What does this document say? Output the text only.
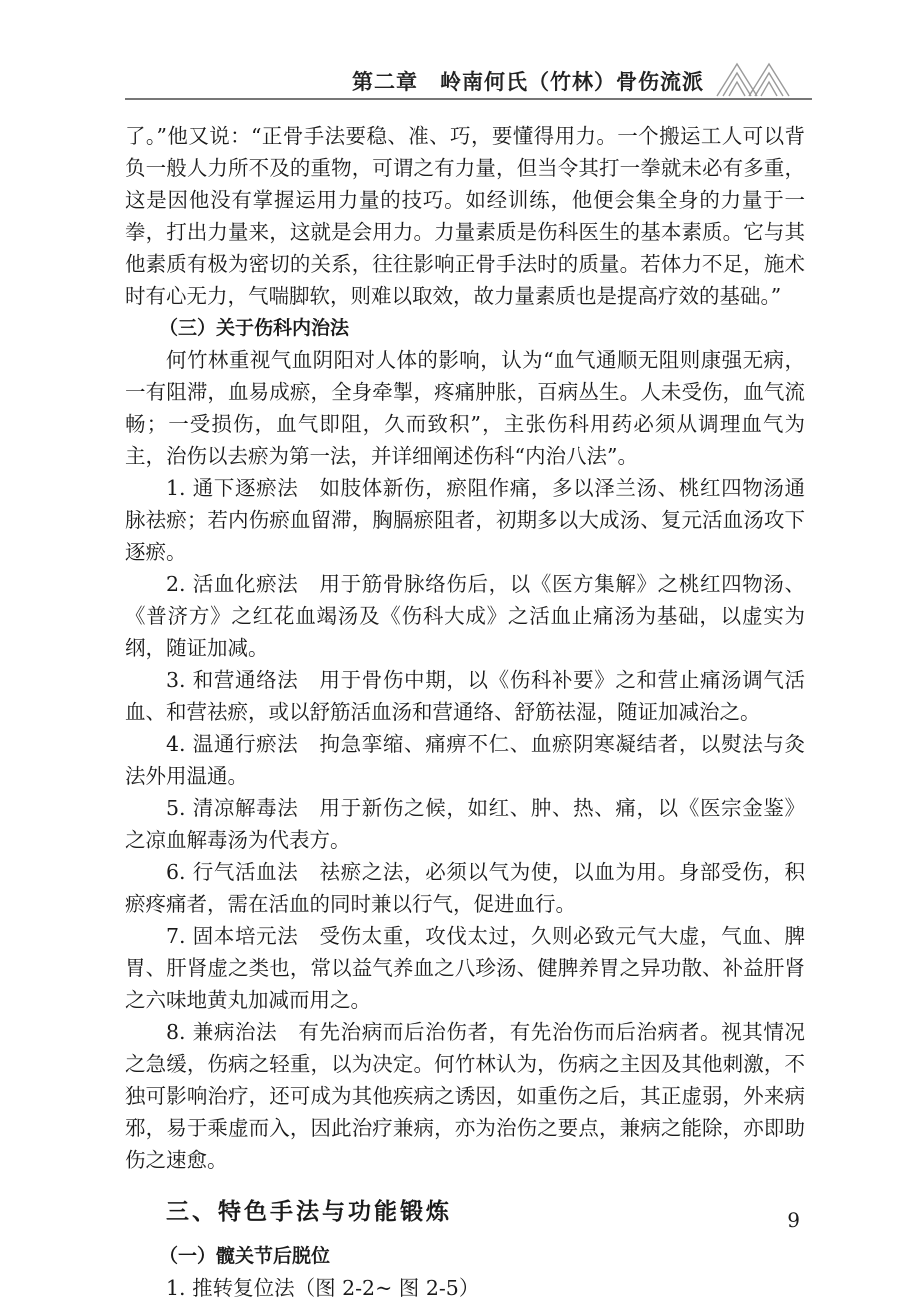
第二章　岭南何氏（竹林）骨伤流派

了。”他又说：“正骨手法要稳、准、巧，要懂得用力。一个搬运工人可以背负一般人力所不及的重物，可谓之有力量，但当令其打一拳就未必有多重，这是因他没有掌握运用力量的技巧。如经训练，他便会集全身的力量于一拳，打出力量来，这就是会用力。力量素质是伤科医生的基本素质。它与其他素质有极为密切的关系，往往影响正骨手法时的质量。若体力不足，施术时有心无力，气喘脚软，则难以取效，故力量素质也是提高疗效的基础。”

（三）关于伤科内治法

何竹林重视气血阴阳对人体的影响，认为“血气通顺无阻则康强无病，一有阻滞，血易成瘀，全身牵掣，疼痛肿胀，百病丛生。人未受伤，血气流畅；一受损伤，血气即阻，久而致积”，主张伤科用药必须从调理血气为主，治伤以去瘀为第一法，并详细阐述伤科“内治八法”。

1. 通下逐瘀法　如肢体新伤，瘀阻作痛，多以泽兰汤、桃红四物汤通脉祛瘀；若内伤瘀血留滞，胸膈瘀阻者，初期多以大成汤、复元活血汤攻下逐瘀。

2. 活血化瘀法　用于筋骨脉络伤后，以《医方集解》之桃红四物汤、《普济方》之红花血竭汤及《伤科大成》之活血止痛汤为基础，以虚实为纲，随证加减。

3. 和营通络法　用于骨伤中期，以《伤科补要》之和营止痛汤调气活血、和营祛瘀，或以舒筋活血汤和营通络、舒筋祛湿，随证加减治之。

4. 温通行瘀法　拘急挛缩、痛痹不仁、血瘀阴寒凝结者，以熨法与灸法外用温通。

5. 清凉解毒法　用于新伤之候，如红、肿、热、痛，以《医宗金鉴》之凉血解毒汤为代表方。

6. 行气活血法　祛瘀之法，必须以气为使，以血为用。身部受伤，积瘀疼痛者，需在活血的同时兼以行气，促进血行。

7. 固本培元法　受伤太重，攻伐太过，久则必致元气大虚，气血、脾胃、肝肾虚之类也，常以益气养血之八珍汤、健脾养胃之异功散、补益肝肾之六味地黄丸加减而用之。

8. 兼病治法　有先治病而后治伤者，有先治伤而后治病者。视其情况之急缓，伤病之轻重，以为决定。何竹林认为，伤病之主因及其他刺激，不独可影响治疗，还可成为其他疾病之诱因，如重伤之后，其正虚弱，外来病邪，易于乘虚而入，因此治疗兼病，亦为治伤之要点，兼病之能除，亦即助伤之速愈。

三、特色手法与功能锻炼

（一）髋关节后脱位

1. 推转复位法（图 2-2~ 图 2-5）

9
